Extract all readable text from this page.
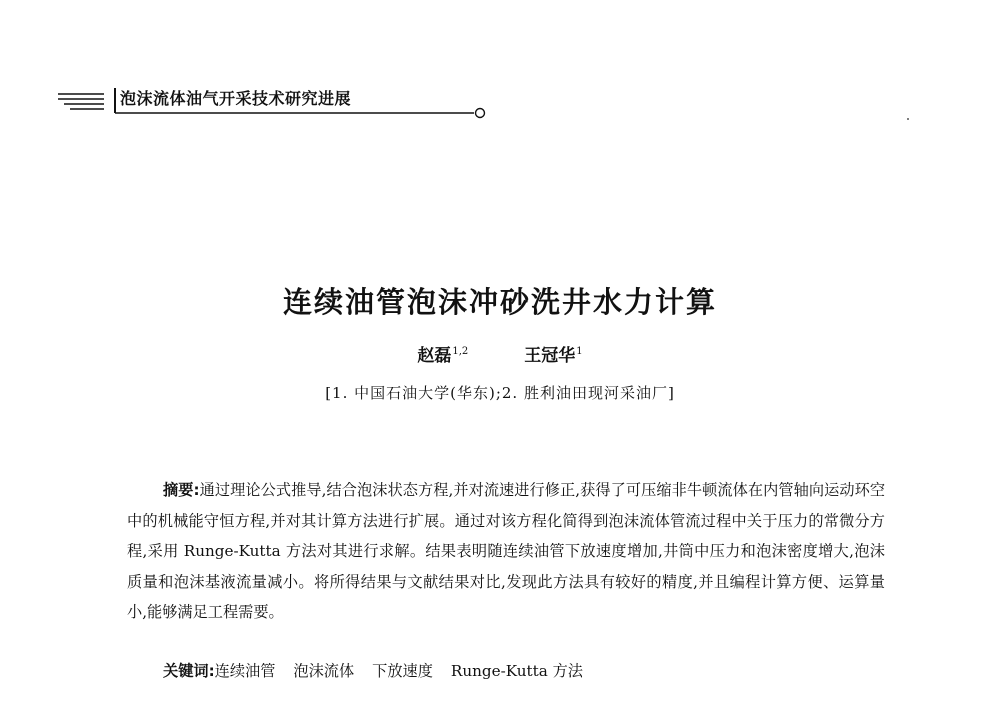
泡沫流体油气开采技术研究进展
连续油管泡沫冲砂洗井水力计算
赵磊$^{1,2}$	王冠华$^1$
[1. 中国石油大学(华东);2. 胜利油田现河采油厂]

摘要:通过理论公式推导,结合泡沫状态方程,并对流速进行修正,获得了可压缩非牛顿流体在内管轴向运动环空中的机械能守恒方程,并对其计算方法进行扩展。通过对该方程化简得到泡沫流体管流过程中关于压力的常微分方程,采用 Runge-Kutta 方法对其进行求解。结果表明随连续油管下放速度增加,井筒中压力和泡沫密度增大,泡沫质量和泡沫基液流量减小。将所得结果与文献结果对比,发现此方法具有较好的精度,并且编程计算方便、运算量小,能够满足工程需要。

关键词:连续油管 泡沫流体 下放速度 Runge-Kutta 方法
